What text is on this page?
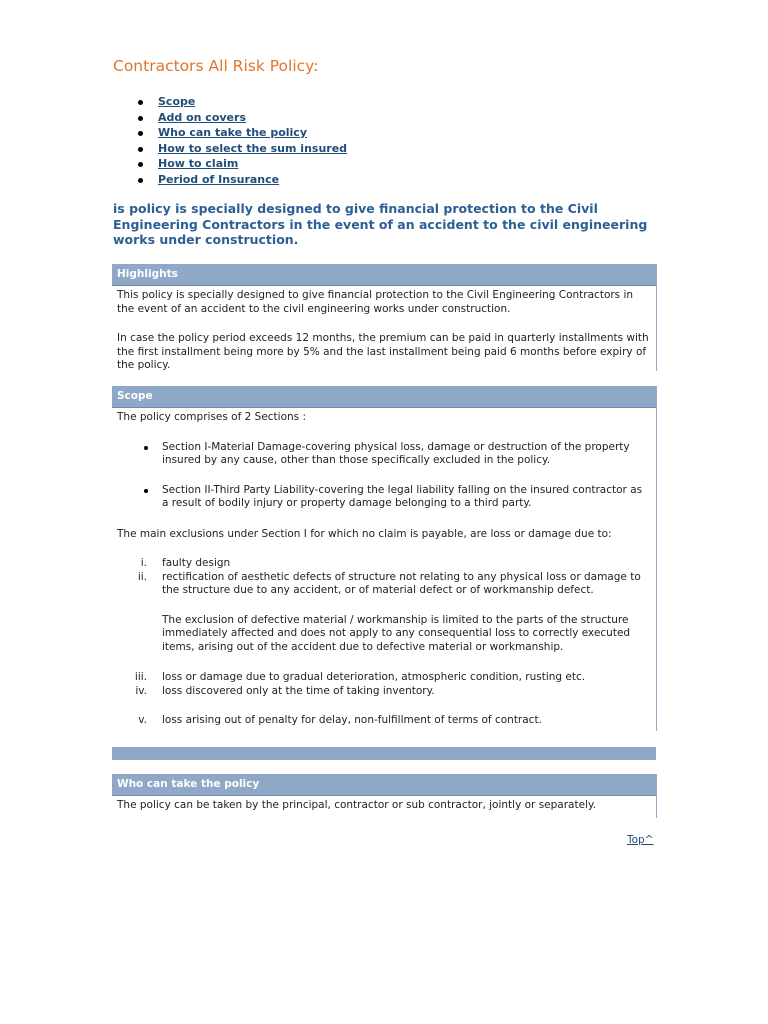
Contractors All Risk Policy:
Scope
Add on covers
Who can take the policy
How to select the sum insured
How to claim
Period of Insurance

is policy is specially designed to give financial protection to the Civil Engineering Contractors in the event of an accident to the civil engineering works under construction.

Highlights

This policy is specially designed to give financial protection to the Civil Engineering Contractors in the event of an accident to the civil engineering works under construction.

In case the policy period exceeds 12 months, the premium can be paid in quarterly installments with the first installment being more by 5% and the last installment being paid 6 months before expiry of the policy.

Scope

The policy comprises of 2 Sections :

Section I-Material Damage-covering physical loss, damage or destruction of the property insured by any cause, other than those specifically excluded in the policy.
Section II-Third Party Liability-covering the legal liability falling on the insured contractor as a result of bodily injury or property damage belonging to a third party.

The main exclusions under Section I for which no claim is payable, are loss or damage due to:

i.	faulty design
ii.	rectification of aesthetic defects of structure not relating to any physical loss or damage to the structure due to any accident, or of material defect or of workmanship defect.

The exclusion of defective material / workmanship is limited to the parts of the structure immediately affected and does not apply to any consequential loss to correctly executed items, arising out of the accident due to defective material or workmanship.

iii.	loss or damage due to gradual deterioration, atmospheric condition, rusting etc.
iv.	loss discovered only at the time of taking inventory.
v.	loss arising out of penalty for delay, non-fulfillment of terms of contract.
Who can take the policy

The policy can be taken by the principal, contractor or sub contractor, jointly or separately.

Top^
